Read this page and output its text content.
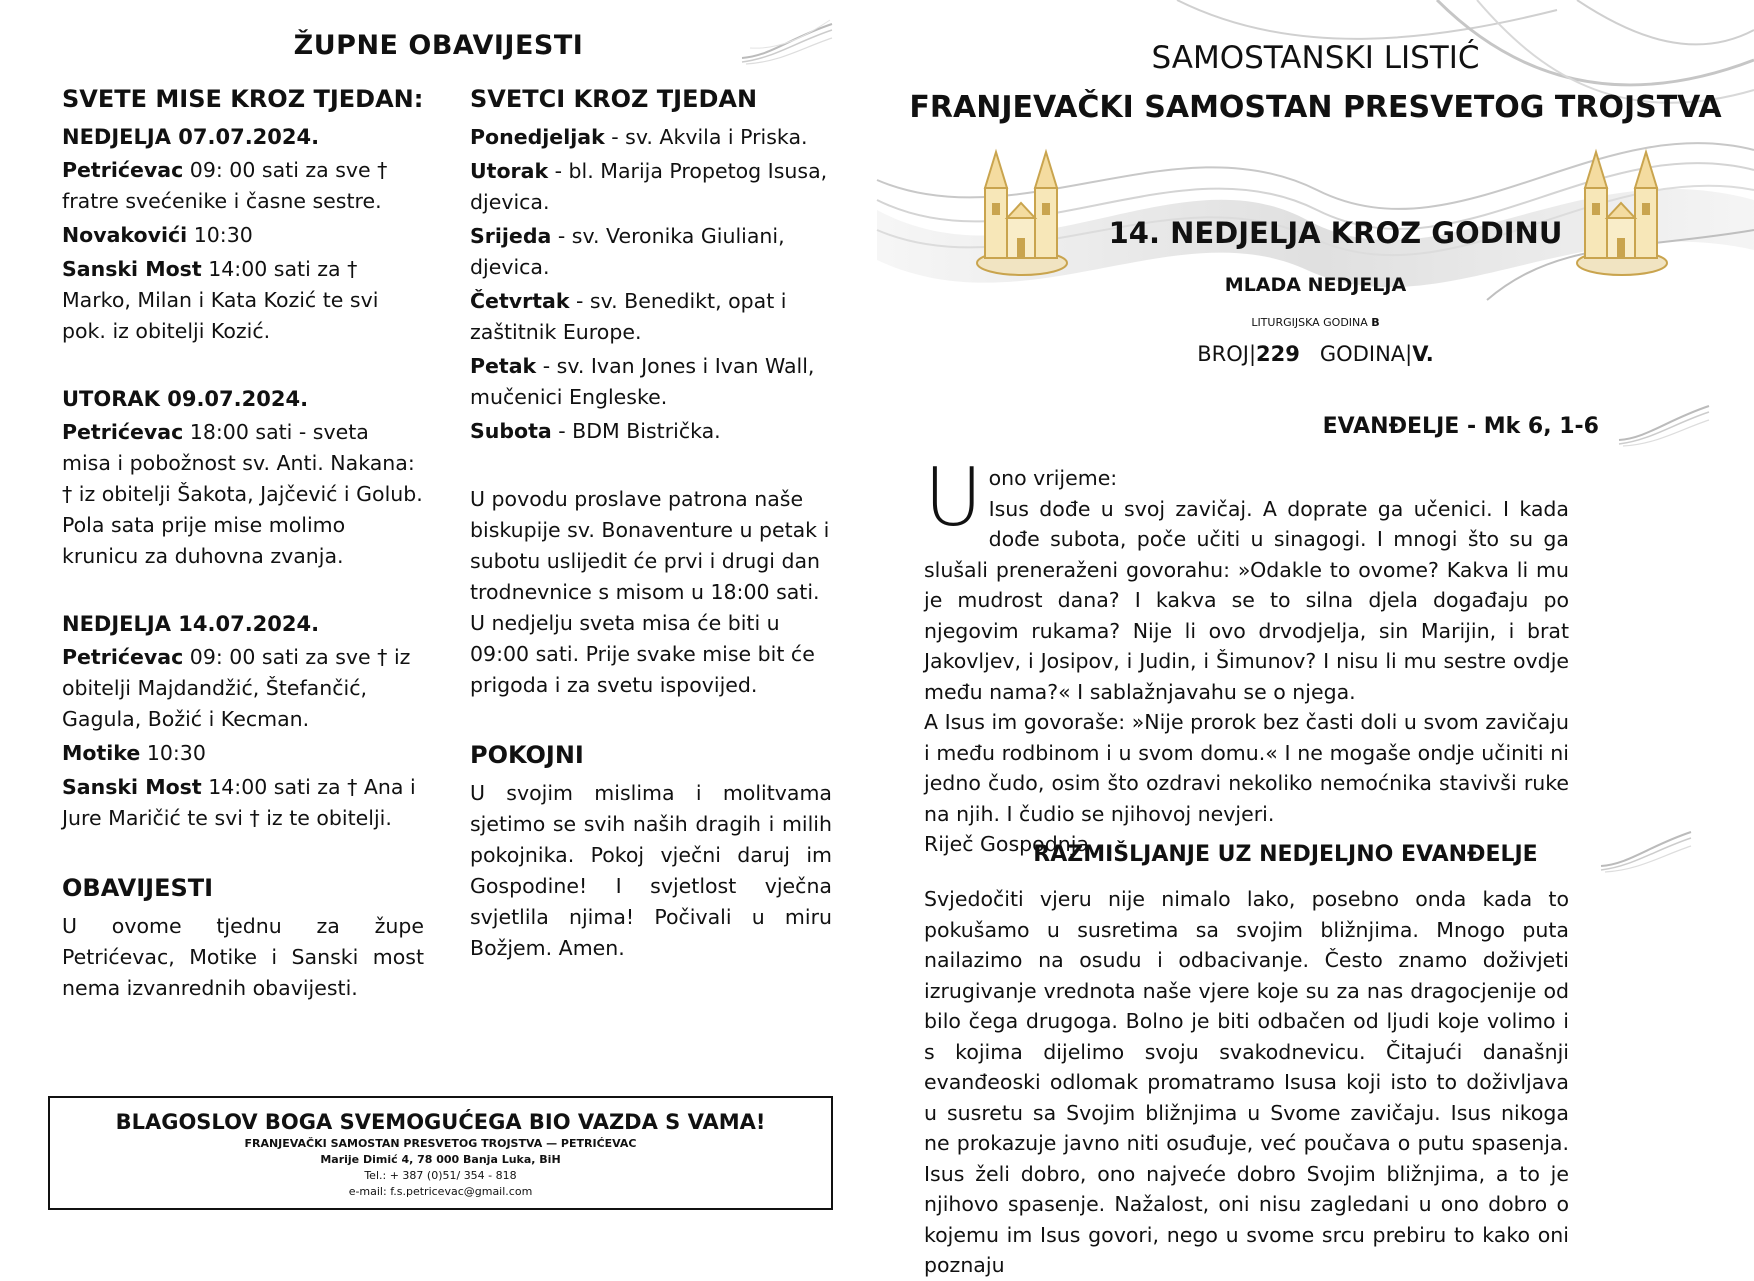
ŽUPNE OBAVIJESTI
SVETE MISE KROZ TJEDAN:
NEDJELJA 07.07.2024.

Petrićevac 09: 00 sati za sve † fratre svećenike i časne sestre.

Novakovići 10:30

Sanski Most 14:00 sati za † Marko, Milan i Kata Kozić te svi pok. iz obitelji Kozić.

UTORAK 09.07.2024.

Petrićevac 18:00 sati - sveta misa i pobožnost sv. Anti. Nakana: † iz obitelji Šakota, Jajčević i Golub. Pola sata prije mise molimo krunicu za duhovna zvanja.

NEDJELJA 14.07.2024.

Petrićevac 09: 00 sati za sve † iz obitelji Majdandžić, Štefančić, Gagula, Božić i Kecman.

Motike 10:30

Sanski Most 14:00 sati za † Ana i Jure Maričić te svi † iz te obitelji.

OBAVIJESTI

U ovome tjednu za župe Petrićevac, Motike i Sanski most nema izvanrednih obavijesti.

SVETCI KROZ TJEDAN

Ponedjeljak - sv. Akvila i Priska.

Utorak - bl. Marija Propetog Isusa, djevica.

Srijeda - sv. Veronika Giuliani, djevica.

Četvrtak - sv. Benedikt, opat i zaštitnik Europe.

Petak - sv. Ivan Jones i Ivan Wall, mučenici Engleske.

Subota - BDM Bistrička.

U povodu proslave patrona naše biskupije sv. Bonaventure u petak i subotu uslijedit će prvi i drugi dan trodnevnice s misom u 18:00 sati. U nedjelju sveta misa će biti u 09:00 sati. Prije svake mise bit će prigoda i za svetu ispovijed.

POKOJNI

U svojim mislima i molitvama sjetimo se svih naših dragih i milih pokojnika. Pokoj vječni daruj im Gospodine! I svjetlost vječna svjetlila njima! Počivali u miru Božjem. Amen.

BLAGOSLOV BOGA SVEMOGUĆEGA BIO VAZDA S VAMA!
FRANJEVAČKI SAMOSTAN PRESVETOG TROJSTVA — PETRIĆEVAC
Marije Dimić 4, 78 000 Banja Luka, BiH
Tel.: + 387 (0)51/ 354 - 818
e-mail: f.s.petricevac@gmail.com
SAMOSTANSKI LISTIĆ
FRANJEVAČKI SAMOSTAN PRESVETOG TROJSTVA
14. NEDJELJA KROZ GODINU
MLADA NEDJELJA
LITURGIJSKA GODINA B
BROJ|229 GODINA|V.
EVANĐELJE - Mk 6, 1-6
U ono vrijeme:
Isus dođe u svoj zavičaj. A doprate ga učenici. I kada dođe subota, poče učiti u sinagogi. I mnogi što su ga slušali preneraženi govorahu: »Odakle to ovome? Kakva li mu je mudrost dana? I kakva se to silna djela događaju po njegovim rukama? Nije li ovo drvodjelja, sin Marijin, i brat Jakovljev, i Josipov, i Judin, i Šimunov? I nisu li mu sestre ovdje među nama?« I sablažnjavahu se o njega.
A Isus im govoraše: »Nije prorok bez časti doli u svom zavičaju i među rodbinom i u svom domu.« I ne mogaše ondje učiniti ni jedno čudo, osim što ozdravi nekoliko nemoćnika stavivši ruke na njih. I čudio se njihovoj nevjeri.
Riječ Gospodnja
RAZMIŠLJANJE UZ NEDJELJNO EVANĐELJE
Svjedočiti vjeru nije nimalo lako, posebno onda kada to pokušamo u susretima sa svojim bližnjima. Mnogo puta nailazimo na osudu i odbacivanje. Često znamo doživjeti izrugivanje vrednota naše vjere koje su za nas dragocjenije od bilo čega drugoga. Bolno je biti odbačen od ljudi koje volimo i s kojima dijelimo svoju svakodnevicu. Čitajući današnji evanđeoski odlomak promatramo Isusa koji isto to doživljava u susretu sa Svojim bližnjima u Svome zavičaju. Isus nikoga ne prokazuje javno niti osuđuje, već poučava o putu spasenja. Isus želi dobro, ono najveće dobro Svojim bližnjima, a to je njihovo spasenje. Nažalost, oni nisu zagledani u ono dobro o kojemu im Isus govori, nego u svome srcu prebiru to kako oni poznaju
